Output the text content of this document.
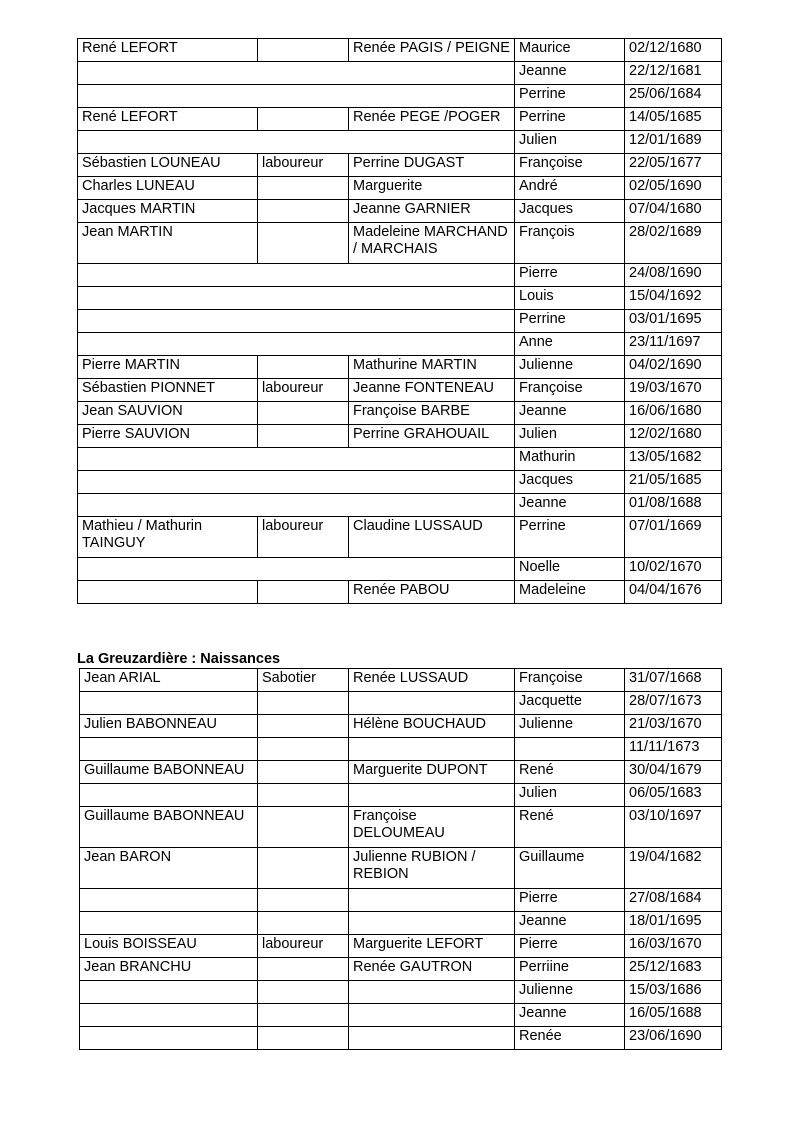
René LEFORT		Renée PAGIS / PEIGNE	Maurice	02/12/1680
			Jeanne	22/12/1681
			Perrine	25/06/1684
René LEFORT		Renée PEGE /POGER	Perrine	14/05/1685
			Julien	12/01/1689
Sébastien LOUNEAU	laboureur	Perrine DUGAST	Françoise	22/05/1677
Charles LUNEAU		Marguerite	André	02/05/1690
Jacques MARTIN		Jeanne GARNIER	Jacques	07/04/1680
Jean MARTIN		Madeleine MARCHAND / MARCHAIS	François	28/02/1689
			Pierre	24/08/1690
			Louis	15/04/1692
			Perrine	03/01/1695
			Anne	23/11/1697
Pierre MARTIN		Mathurine MARTIN	Julienne	04/02/1690
Sébastien PIONNET	laboureur	Jeanne FONTENEAU	Françoise	19/03/1670
Jean SAUVION		Françoise BARBE	Jeanne	16/06/1680
Pierre SAUVION		Perrine GRAHOUAIL	Julien	12/02/1680
			Mathurin	13/05/1682
			Jacques	21/05/1685
			Jeanne	01/08/1688
Mathieu / Mathurin TAINGUY	laboureur	Claudine LUSSAUD	Perrine	07/01/1669
			Noelle	10/02/1670
		Renée PABOU	Madeleine	04/04/1676
La Greuzardière : Naissances
Jean ARIAL	Sabotier	Renée LUSSAUD	Françoise	31/07/1668
			Jacquette	28/07/1673
Julien BABONNEAU		Hélène BOUCHAUD	Julienne	21/03/1670
				11/11/1673
Guillaume BABONNEAU		Marguerite DUPONT	René	30/04/1679
			Julien	06/05/1683
Guillaume BABONNEAU		Françoise DELOUMEAU	René	03/10/1697
Jean BARON		Julienne RUBION / REBION	Guillaume	19/04/1682
			Pierre	27/08/1684
			Jeanne	18/01/1695
Louis BOISSEAU	laboureur	Marguerite LEFORT	Pierre	16/03/1670
Jean BRANCHU		Renée GAUTRON	Perriine	25/12/1683
			Julienne	15/03/1686
			Jeanne	16/05/1688
			Renée	23/06/1690
